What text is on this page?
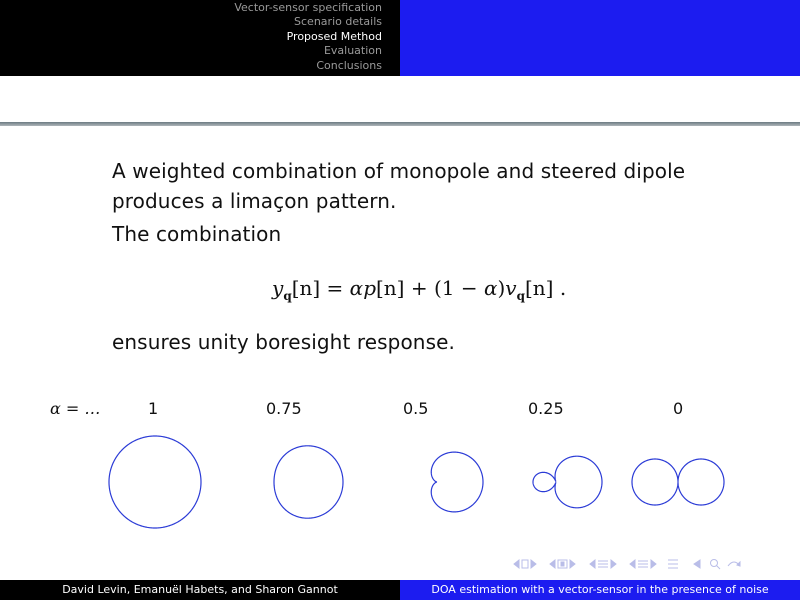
Vector-sensor specification
Scenario details
Proposed Method
Evaluation
Conclusions
A weighted combination of monopole and steered dipole produces a limaçon pattern.
The combination
$y_q[n] = \alpha p[n] + (1 - \alpha)v_q[n]$ .
ensures unity boresight response.
α = …	1	0.75	0.5	0.25	0
David Levin, Emanuël Habets, and Sharon Gannot	DOA estimation with a vector-sensor in the presence of noise
